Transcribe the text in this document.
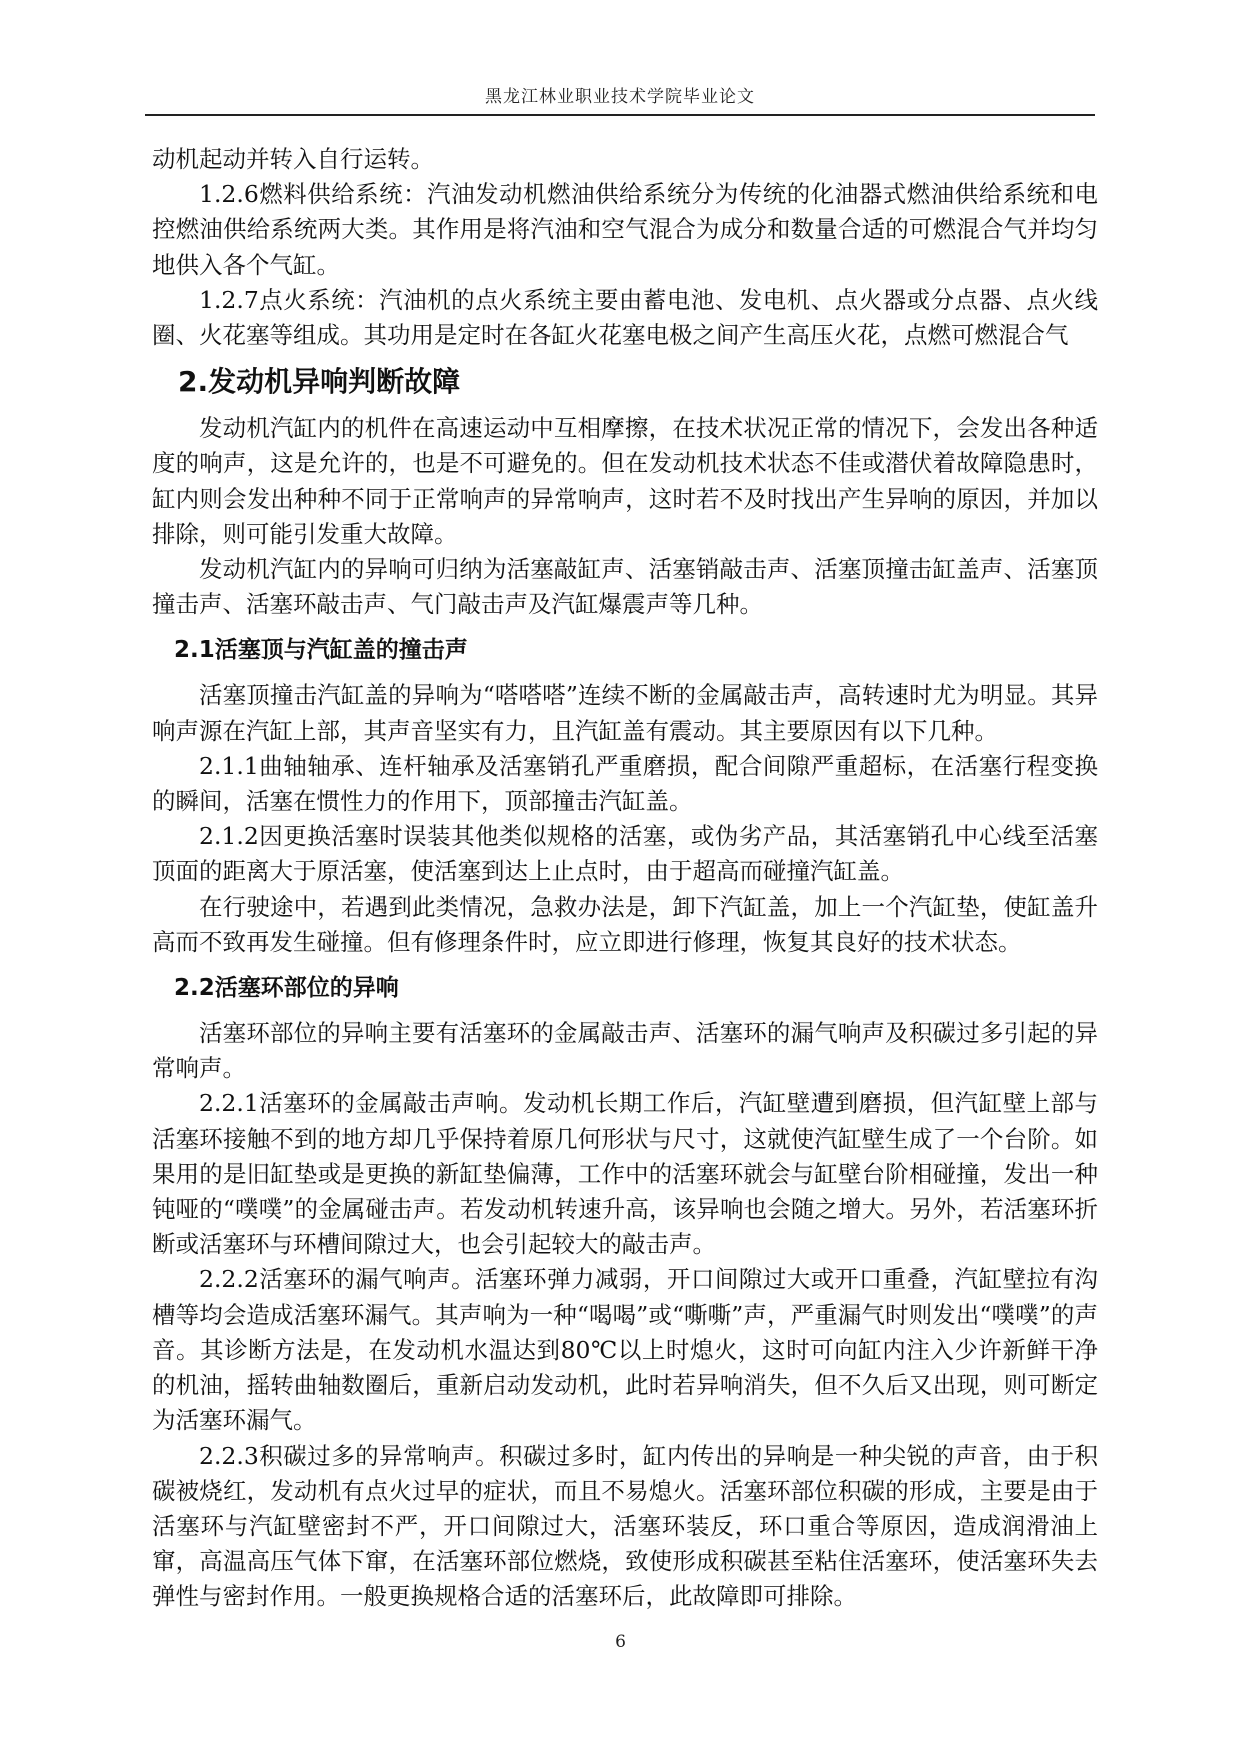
黑龙江林业职业技术学院毕业论文

动机起动并转入自行运转。

1.2.6燃料供给系统：汽油发动机燃油供给系统分为传统的化油器式燃油供给系统和电控燃油供给系统两大类。其作用是将汽油和空气混合为成分和数量合适的可燃混合气并均匀地供入各个气缸。

1.2.7点火系统：汽油机的点火系统主要由蓄电池、发电机、点火器或分点器、点火线圈、火花塞等组成。其功用是定时在各缸火花塞电极之间产生高压火花，点燃可燃混合气

2.发动机异响判断故障

发动机汽缸内的机件在高速运动中互相摩擦，在技术状况正常的情况下，会发出各种适度的响声，这是允许的，也是不可避免的。但在发动机技术状态不佳或潜伏着故障隐患时，缸内则会发出种种不同于正常响声的异常响声，这时若不及时找出产生异响的原因，并加以排除，则可能引发重大故障。

发动机汽缸内的异响可归纳为活塞敲缸声、活塞销敲击声、活塞顶撞击缸盖声、活塞顶撞击声、活塞环敲击声、气门敲击声及汽缸爆震声等几种。

2.1活塞顶与汽缸盖的撞击声

活塞顶撞击汽缸盖的异响为“嗒嗒嗒”连续不断的金属敲击声，高转速时尤为明显。其异响声源在汽缸上部，其声音坚实有力，且汽缸盖有震动。其主要原因有以下几种。

2.1.1曲轴轴承、连杆轴承及活塞销孔严重磨损，配合间隙严重超标，在活塞行程变换的瞬间，活塞在惯性力的作用下，顶部撞击汽缸盖。

2.1.2因更换活塞时误装其他类似规格的活塞，或伪劣产品，其活塞销孔中心线至活塞顶面的距离大于原活塞，使活塞到达上止点时，由于超高而碰撞汽缸盖。

在行驶途中，若遇到此类情况，急救办法是，卸下汽缸盖，加上一个汽缸垫，使缸盖升高而不致再发生碰撞。但有修理条件时，应立即进行修理，恢复其良好的技术状态。

2.2活塞环部位的异响

活塞环部位的异响主要有活塞环的金属敲击声、活塞环的漏气响声及积碳过多引起的异常响声。

2.2.1活塞环的金属敲击声响。发动机长期工作后，汽缸壁遭到磨损，但汽缸壁上部与活塞环接触不到的地方却几乎保持着原几何形状与尺寸，这就使汽缸壁生成了一个台阶。如果用的是旧缸垫或是更换的新缸垫偏薄，工作中的活塞环就会与缸壁台阶相碰撞，发出一种钝哑的“噗噗”的金属碰击声。若发动机转速升高，该异响也会随之增大。另外，若活塞环折断或活塞环与环槽间隙过大，也会引起较大的敲击声。

2.2.2活塞环的漏气响声。活塞环弹力减弱，开口间隙过大或开口重叠，汽缸壁拉有沟槽等均会造成活塞环漏气。其声响为一种“喝喝”或“嘶嘶”声，严重漏气时则发出“噗噗”的声音。其诊断方法是，在发动机水温达到80℃以上时熄火，这时可向缸内注入少许新鲜干净的机油，摇转曲轴数圈后，重新启动发动机，此时若异响消失，但不久后又出现，则可断定为活塞环漏气。

2.2.3积碳过多的异常响声。积碳过多时，缸内传出的异响是一种尖锐的声音，由于积碳被烧红，发动机有点火过早的症状，而且不易熄火。活塞环部位积碳的形成，主要是由于活塞环与汽缸壁密封不严，开口间隙过大，活塞环装反，环口重合等原因，造成润滑油上窜，高温高压气体下窜，在活塞环部位燃烧，致使形成积碳甚至粘住活塞环，使活塞环失去弹性与密封作用。一般更换规格合适的活塞环后，此故障即可排除。

6
